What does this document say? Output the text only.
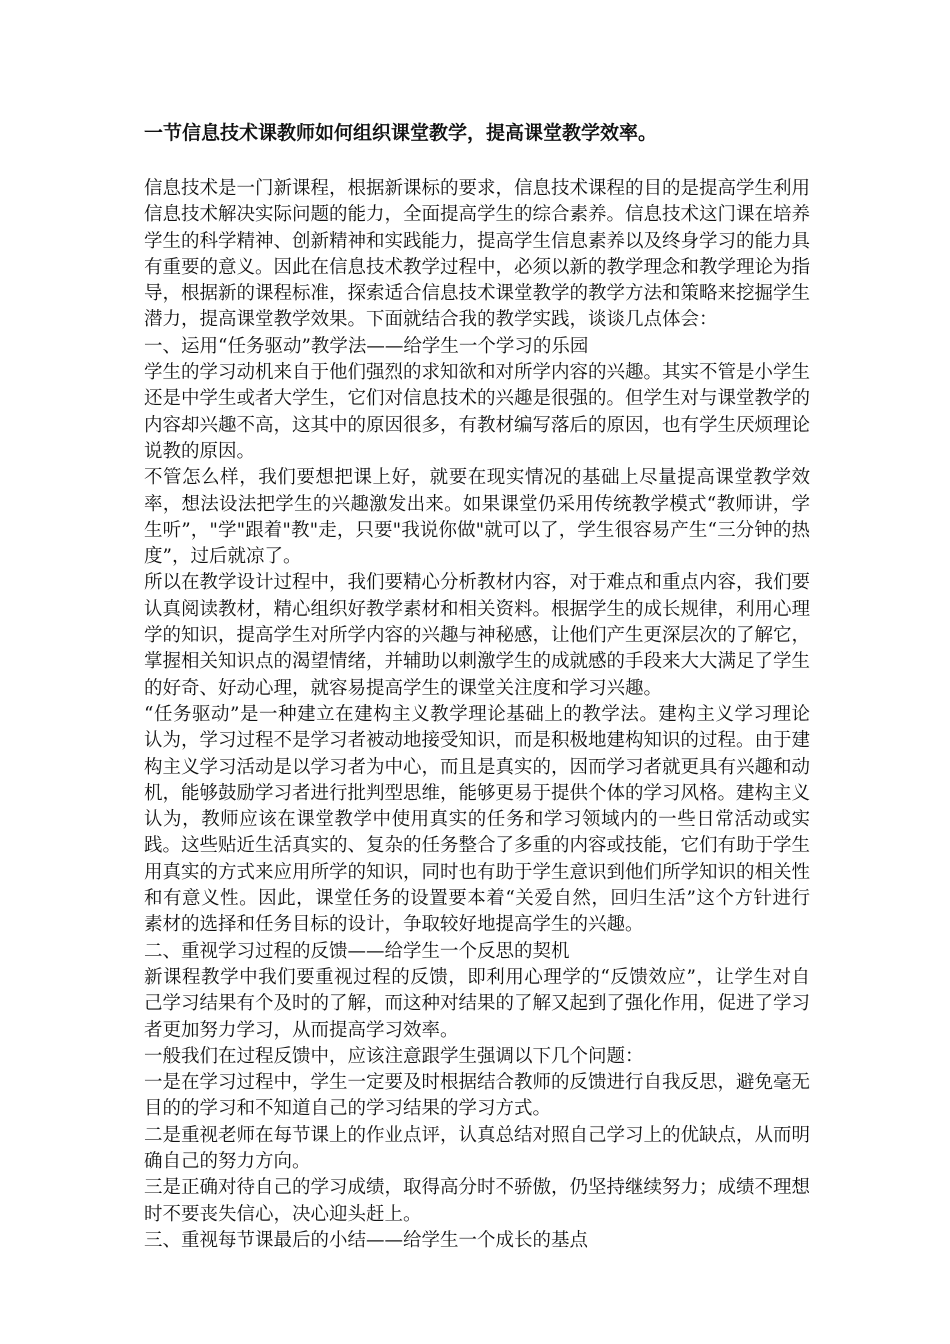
一节信息技术课教师如何组织课堂教学，提高课堂教学效率。

信息技术是一门新课程，根据新课标的要求，信息技术课程的目的是提高学生利用信息技术解决实际问题的能力，全面提高学生的综合素养。信息技术这门课在培养学生的科学精神、创新精神和实践能力，提高学生信息素养以及终身学习的能力具有重要的意义。因此在信息技术教学过程中，必须以新的教学理念和教学理论为指导，根据新的课程标准，探索适合信息技术课堂教学的教学方法和策略来挖掘学生潜力，提高课堂教学效果。下面就结合我的教学实践，谈谈几点体会：

一、运用“任务驱动”教学法——给学生一个学习的乐园

学生的学习动机来自于他们强烈的求知欲和对所学内容的兴趣。其实不管是小学生还是中学生或者大学生，它们对信息技术的兴趣是很强的。但学生对与课堂教学的内容却兴趣不高，这其中的原因很多，有教材编写落后的原因，也有学生厌烦理论说教的原因。

不管怎么样，我们要想把课上好，就要在现实情况的基础上尽量提高课堂教学效率，想法设法把学生的兴趣激发出来。如果课堂仍采用传统教学模式“教师讲，学生听”，"学"跟着"教"走，只要"我说你做"就可以了，学生很容易产生“三分钟的热度”，过后就凉了。

所以在教学设计过程中，我们要精心分析教材内容，对于难点和重点内容，我们要认真阅读教材，精心组织好教学素材和相关资料。根据学生的成长规律，利用心理学的知识，提高学生对所学内容的兴趣与神秘感，让他们产生更深层次的了解它，掌握相关知识点的渴望情绪，并辅助以刺激学生的成就感的手段来大大满足了学生的好奇、好动心理，就容易提高学生的课堂关注度和学习兴趣。

“任务驱动”是一种建立在建构主义教学理论基础上的教学法。建构主义学习理论认为，学习过程不是学习者被动地接受知识，而是积极地建构知识的过程。由于建构主义学习活动是以学习者为中心，而且是真实的，因而学习者就更具有兴趣和动机，能够鼓励学习者进行批判型思维，能够更易于提供个体的学习风格。建构主义认为，教师应该在课堂教学中使用真实的任务和学习领域内的一些日常活动或实践。这些贴近生活真实的、复杂的任务整合了多重的内容或技能，它们有助于学生用真实的方式来应用所学的知识，同时也有助于学生意识到他们所学知识的相关性和有意义性。因此，课堂任务的设置要本着“关爱自然，回归生活”这个方针进行素材的选择和任务目标的设计，争取较好地提高学生的兴趣。

二、重视学习过程的反馈——给学生一个反思的契机

新课程教学中我们要重视过程的反馈，即利用心理学的“反馈效应”，让学生对自己学习结果有个及时的了解，而这种对结果的了解又起到了强化作用，促进了学习者更加努力学习，从而提高学习效率。

一般我们在过程反馈中，应该注意跟学生强调以下几个问题：

一是在学习过程中，学生一定要及时根据结合教师的反馈进行自我反思，避免毫无目的的学习和不知道自己的学习结果的学习方式。

二是重视老师在每节课上的作业点评，认真总结对照自己学习上的优缺点，从而明确自己的努力方向。

三是正确对待自己的学习成绩，取得高分时不骄傲，仍坚持继续努力；成绩不理想时不要丧失信心，决心迎头赶上。

三、重视每节课最后的小结——给学生一个成长的基点
